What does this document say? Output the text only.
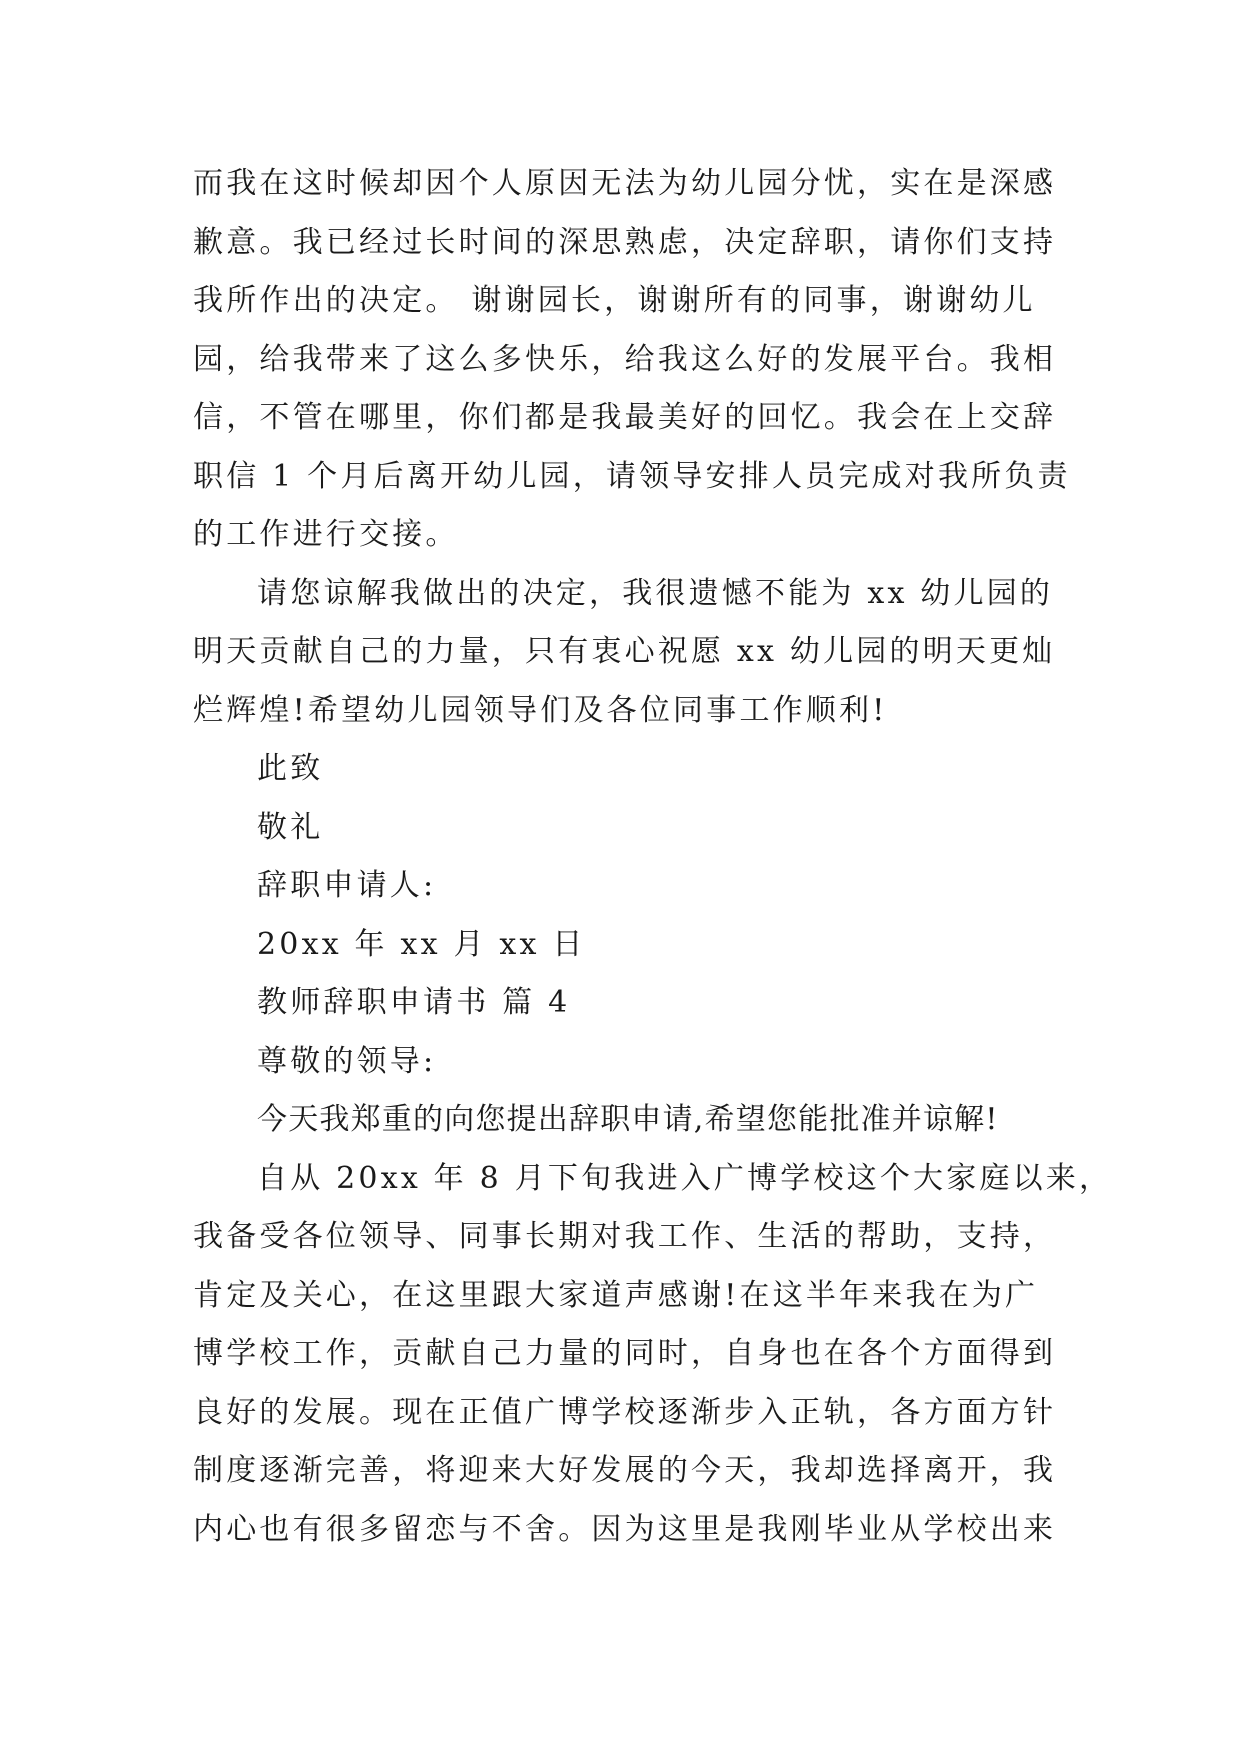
而我在这时候却因个人原因无法为幼儿园分忧，实在是深感
歉意。我已经过长时间的深思熟虑，决定辞职，请你们支持
我所作出的决定。 谢谢园长，谢谢所有的同事，谢谢幼儿
园，给我带来了这么多快乐，给我这么好的发展平台。我相
信，不管在哪里，你们都是我最美好的回忆。我会在上交辞
职信 1 个月后离开幼儿园，请领导安排人员完成对我所负责
的工作进行交接。
请您谅解我做出的决定，我很遗憾不能为 xx 幼儿园的
明天贡献自己的力量，只有衷心祝愿 xx 幼儿园的明天更灿
烂辉煌!希望幼儿园领导们及各位同事工作顺利!
此致
敬礼
辞职申请人:
20xx 年 xx 月 xx 日
教师辞职申请书 篇 4
尊敬的领导:
今天我郑重的向您提出辞职申请,希望您能批准并谅解!
自从 20xx 年 8 月下旬我进入广博学校这个大家庭以来，
我备受各位领导、同事长期对我工作、生活的帮助，支持，
肯定及关心，在这里跟大家道声感谢!在这半年来我在为广
博学校工作，贡献自己力量的同时，自身也在各个方面得到
良好的发展。现在正值广博学校逐渐步入正轨，各方面方针
制度逐渐完善，将迎来大好发展的今天，我却选择离开，我
内心也有很多留恋与不舍。因为这里是我刚毕业从学校出来
